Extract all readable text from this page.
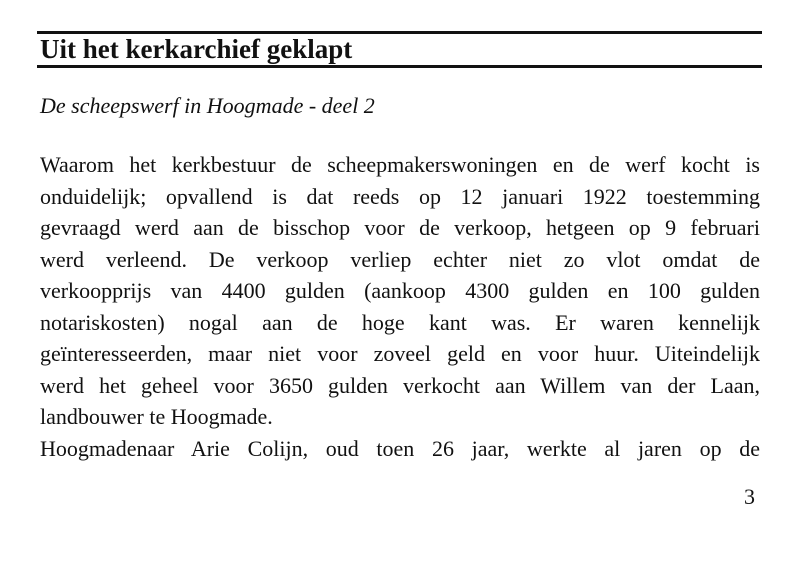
Uit het kerkarchief geklapt
De scheepswerf in Hoogmade - deel 2
Waarom het kerkbestuur de scheepmakerswoningen en de werf kocht is
onduidelijk; opvallend is dat reeds op 12 januari 1922 toestemming
gevraagd werd aan de bisschop voor de verkoop, hetgeen op 9 februari
werd verleend. De verkoop verliep echter niet zo vlot omdat de
verkoopprijs van 4400 gulden (aankoop 4300 gulden en 100 gulden
notariskosten) nogal aan de hoge kant was. Er waren kennelijk
geïnteresseerden, maar niet voor zoveel geld en voor huur. Uiteindelijk
werd het geheel voor 3650 gulden verkocht aan Willem van der Laan,
landbouwer te Hoogmade.
Hoogmadenaar Arie Colijn, oud toen 26 jaar, werkte al jaren op de
3
